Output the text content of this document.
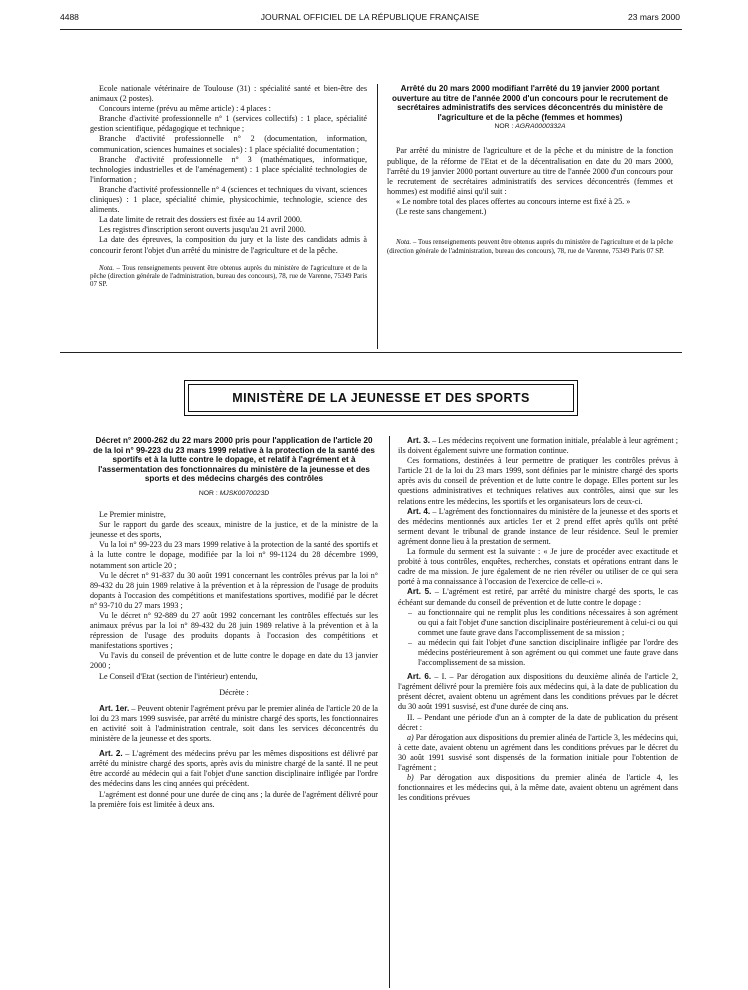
4488	JOURNAL OFFICIEL DE LA RÉPUBLIQUE FRANÇAISE	23 mars 2000

Ecole nationale vétérinaire de Toulouse (31) : spécialité santé et bien-être des animaux (2 postes).

Concours interne (prévu au même article) : 4 places :

Branche d'activité professionnelle n° 1 (services collectifs) : 1 place, spécialité gestion scientifique, pédagogique et technique ;

Branche d'activité professionnelle n° 2 (documentation, information, communication, sciences humaines et sociales) : 1 place spécialité documentation ;

Branche d'activité professionnelle n° 3 (mathématiques, informatique, technologies industrielles et de l'aménagement) : 1 place spécialité technologies de l'information ;

Branche d'activité professionnelle n° 4 (sciences et techniques du vivant, sciences cliniques) : 1 place, spécialité chimie, physicochimie, technologie, science des aliments.

La date limite de retrait des dossiers est fixée au 14 avril 2000.

Les registres d'inscription seront ouverts jusqu'au 21 avril 2000.

La date des épreuves, la composition du jury et la liste des candidats admis à concourir feront l'objet d'un arrêté du ministre de l'agriculture et de la pêche.

Nota. – Tous renseignements peuvent être obtenus auprès du ministère de l'agriculture et de la pêche (direction générale de l'administration, bureau des concours), 78, rue de Varenne, 75349 Paris 07 SP.

Arrêté du 20 mars 2000 modifiant l'arrêté du 19 janvier 2000 portant ouverture au titre de l'année 2000 d'un concours pour le recrutement de secrétaires administratifs des services déconcentrés du ministère de l'agriculture et de la pêche (femmes et hommes)

NOR : AGRA0000332A

Par arrêté du ministre de l'agriculture et de la pêche et du ministre de la fonction publique, de la réforme de l'Etat et de la décentralisation en date du 20 mars 2000, l'arrêté du 19 janvier 2000 portant ouverture au titre de l'année 2000 d'un concours pour le recrutement de secrétaires administratifs des services déconcentrés (femmes et hommes) est modifié ainsi qu'il suit :

« Le nombre total des places offertes au concours interne est fixé à 25. »

(Le reste sans changement.)

Nota. – Tous renseignements peuvent être obtenus auprès du ministère de l'agriculture et de la pêche (direction générale de l'administration, bureau des concours), 78, rue de Varenne, 75349 Paris 07 SP.

MINISTÈRE DE LA JEUNESSE ET DES SPORTS

Décret n° 2000-262 du 22 mars 2000 pris pour l'application de l'article 20 de la loi n° 99-223 du 23 mars 1999 relative à la protection de la santé des sportifs et à la lutte contre le dopage, et relatif à l'agrément et à l'assermentation des fonctionnaires du ministère de la jeunesse et des sports et des médecins chargés des contrôles

NOR : MJSK0070023D

Le Premier ministre,

Sur le rapport du garde des sceaux, ministre de la justice, et de la ministre de la jeunesse et des sports,

Vu la loi n° 99-223 du 23 mars 1999 relative à la protection de la santé des sportifs et à la lutte contre le dopage, modifiée par la loi n° 99-1124 du 28 décembre 1999, notamment son article 20 ;

Vu le décret n° 91-837 du 30 août 1991 concernant les contrôles prévus par la loi n° 89-432 du 28 juin 1989 relative à la prévention et à la répression de l'usage de produits dopants à l'occasion des compétitions et manifestations sportives, modifié par le décret n° 93-710 du 27 mars 1993 ;

Vu le décret n° 92-889 du 27 août 1992 concernant les contrôles effectués sur les animaux prévus par la loi n° 89-432 du 28 juin 1989 relative à la prévention et à la répression de l'usage des produits dopants à l'occasion des compétitions et manifestations sportives ;

Vu l'avis du conseil de prévention et de lutte contre le dopage en date du 13 janvier 2000 ;

Le Conseil d'Etat (section de l'intérieur) entendu,

Décrète :

Art. 1er. – Peuvent obtenir l'agrément prévu par le premier alinéa de l'article 20 de la loi du 23 mars 1999 susvisée, par arrêté du ministre chargé des sports, les fonctionnaires en activité soit à l'administration centrale, soit dans les services déconcentrés du ministère de la jeunesse et des sports.

Art. 2. – L'agrément des médecins prévu par les mêmes dispositions est délivré par arrêté du ministre chargé des sports, après avis du ministre chargé de la santé. Il ne peut être accordé au médecin qui a fait l'objet d'une sanction disciplinaire infligée par l'ordre des médecins dans les cinq années qui précèdent.

L'agrément est donné pour une durée de cinq ans ; la durée de l'agrément délivré pour la première fois est limitée à deux ans.

Art. 3. – Les médecins reçoivent une formation initiale, préalable à leur agrément ; ils doivent également suivre une formation continue.

Ces formations, destinées à leur permettre de pratiquer les contrôles prévus à l'article 21 de la loi du 23 mars 1999, sont définies par le ministre chargé des sports après avis du conseil de prévention et de lutte contre le dopage. Elles portent sur les questions administratives et techniques relatives aux contrôles, ainsi que sur les relations entre les médecins, les sportifs et les organisateurs lors de ceux-ci.

Art. 4. – L'agrément des fonctionnaires du ministère de la jeunesse et des sports et des médecins mentionnés aux articles 1er et 2 prend effet après qu'ils ont prêté serment devant le tribunal de grande instance de leur résidence. Seul le premier agrément donne lieu à la prestation de serment.

La formule du serment est la suivante : « Je jure de procéder avec exactitude et probité à tous contrôles, enquêtes, recherches, constats et opérations entrant dans le cadre de ma mission. Je jure également de ne rien révéler ou utiliser de ce qui sera porté à ma connaissance à l'occasion de l'exercice de celle-ci ».

Art. 5. – L'agrément est retiré, par arrêté du ministre chargé des sports, le cas échéant sur demande du conseil de prévention et de lutte contre le dopage :

– au fonctionnaire qui ne remplit plus les conditions nécessaires à son agrément ou qui a fait l'objet d'une sanction disciplinaire postérieurement à celui-ci ou qui commet une faute grave dans l'accomplissement de sa mission ;
– au médecin qui fait l'objet d'une sanction disciplinaire infligée par l'ordre des médecins postérieurement à son agrément ou qui commet une faute grave dans l'accomplissement de sa mission.

Art. 6. – I. – Par dérogation aux dispositions du deuxième alinéa de l'article 2, l'agrément délivré pour la première fois aux médecins qui, à la date de publication du présent décret, avaient obtenu un agrément dans les conditions prévues par le décret du 30 août 1991 susvisé, est d'une durée de cinq ans.

II. – Pendant une période d'un an à compter de la date de publication du présent décret :

a) Par dérogation aux dispositions du premier alinéa de l'article 3, les médecins qui, à cette date, avaient obtenu un agrément dans les conditions prévues par le décret du 30 août 1991 susvisé sont dispensés de la formation initiale pour l'obtention de l'agrément ;

b) Par dérogation aux dispositions du premier alinéa de l'article 4, les fonctionnaires et les médecins qui, à la même date, avaient obtenu un agrément dans les conditions prévues
